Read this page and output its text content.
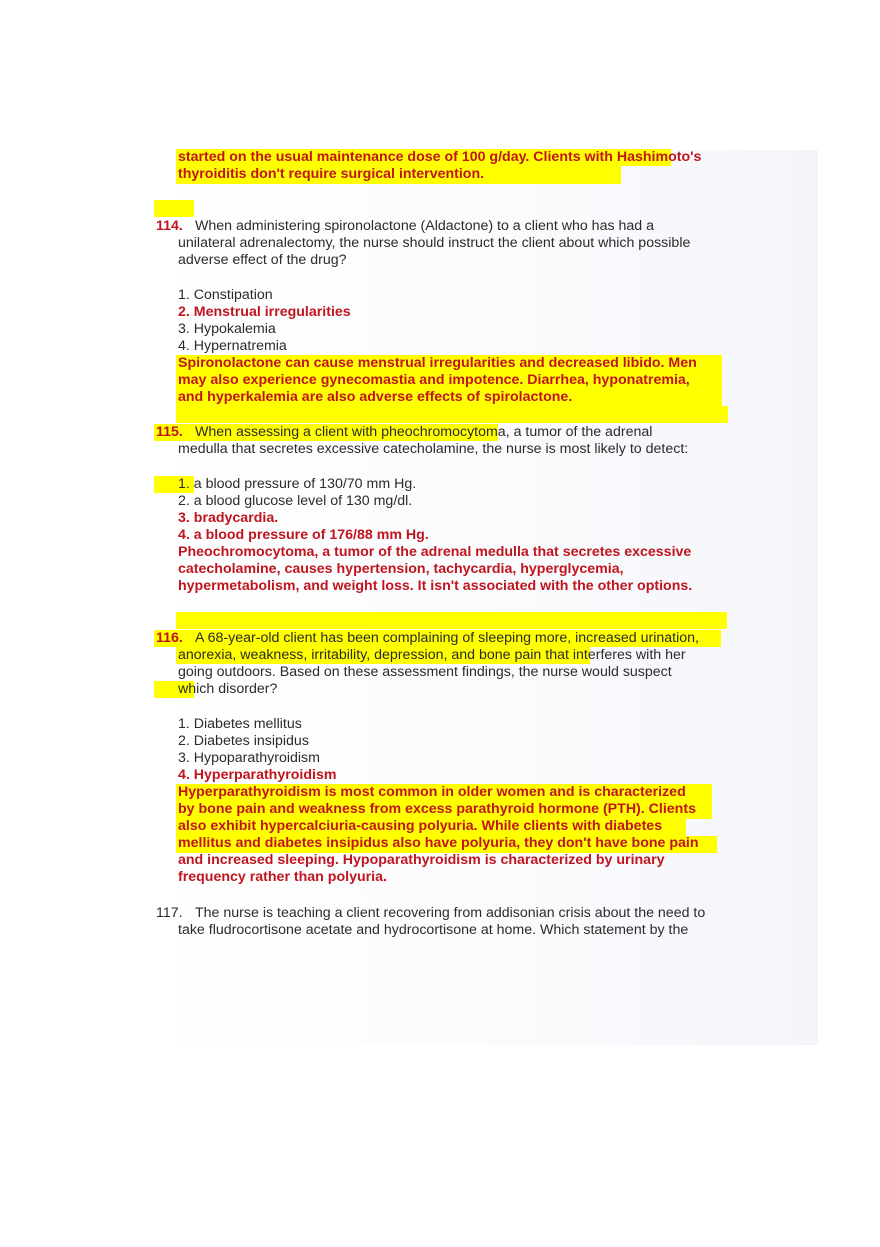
started on the usual maintenance dose of 100 g/day. Clients with Hashimoto's
thyroiditis don't require surgical intervention.
114. When administering spironolactone (Aldactone) to a client who has had a
unilateral adrenalectomy, the nurse should instruct the client about which possible
adverse effect of the drug?
1. Constipation
2. Menstrual irregularities
3. Hypokalemia
4. Hypernatremia
Spironolactone can cause menstrual irregularities and decreased libido. Men
may also experience gynecomastia and impotence. Diarrhea, hyponatremia,
and hyperkalemia are also adverse effects of spirolactone.
115. When assessing a client with pheochromocytoma, a tumor of the adrenal
medulla that secretes excessive catecholamine, the nurse is most likely to detect:
1. a blood pressure of 130/70 mm Hg.
2. a blood glucose level of 130 mg/dl.
3. bradycardia.
4. a blood pressure of 176/88 mm Hg.
Pheochromocytoma, a tumor of the adrenal medulla that secretes excessive
catecholamine, causes hypertension, tachycardia, hyperglycemia,
hypermetabolism, and weight loss. It isn't associated with the other options.
116. A 68-year-old client has been complaining of sleeping more, increased urination,
anorexia, weakness, irritability, depression, and bone pain that interferes with her
going outdoors. Based on these assessment findings, the nurse would suspect
which disorder?
1. Diabetes mellitus
2. Diabetes insipidus
3. Hypoparathyroidism
4. Hyperparathyroidism
Hyperparathyroidism is most common in older women and is characterized
by bone pain and weakness from excess parathyroid hormone (PTH). Clients
also exhibit hypercalciuria-causing polyuria. While clients with diabetes
mellitus and diabetes insipidus also have polyuria, they don't have bone pain
and increased sleeping. Hypoparathyroidism is characterized by urinary
frequency rather than polyuria.
117. The nurse is teaching a client recovering from addisonian crisis about the need to
take fludrocortisone acetate and hydrocortisone at home. Which statement by the
